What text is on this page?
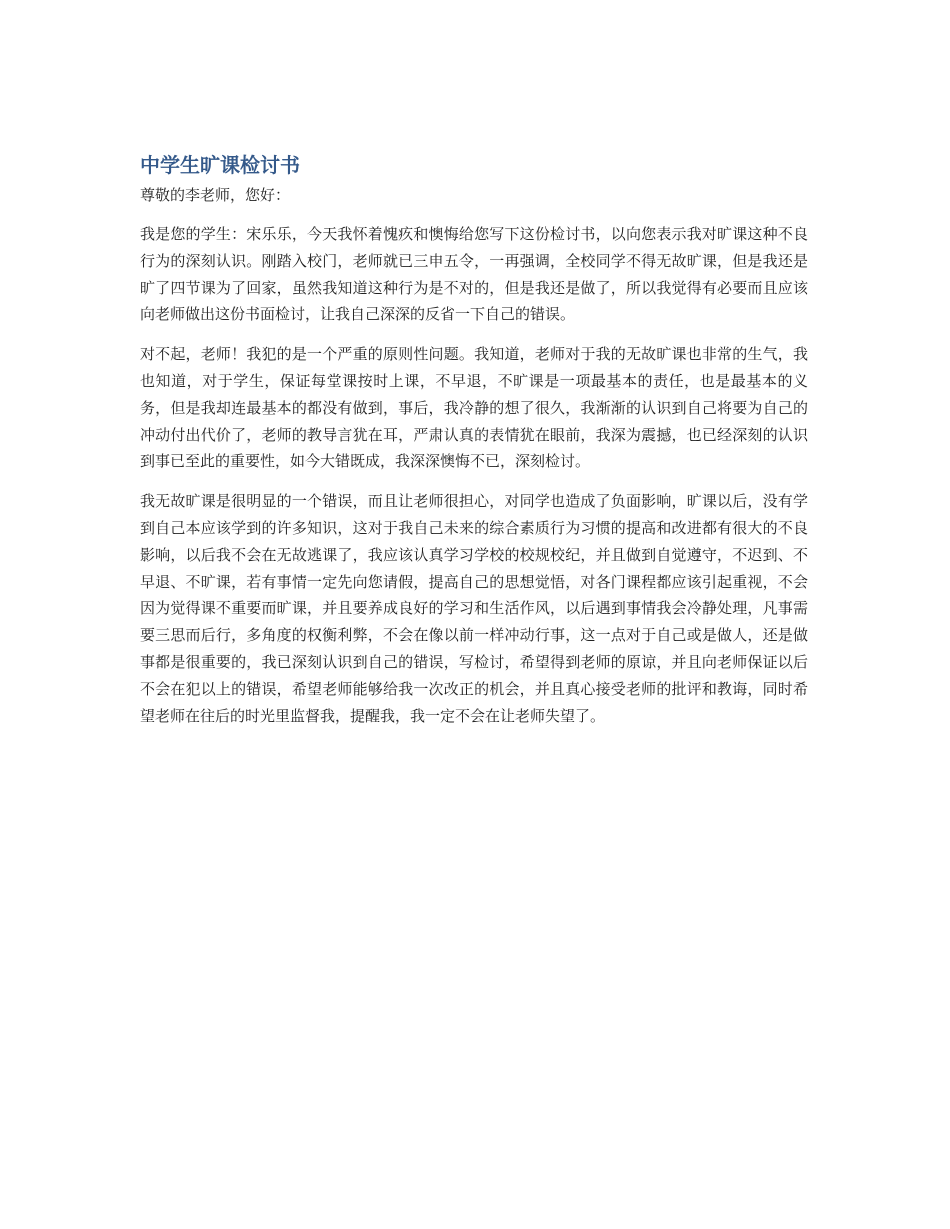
中学生旷课检讨书

尊敬的李老师，您好：

我是您的学生：宋乐乐，今天我怀着愧疚和懊悔给您写下这份检讨书，以向您表示我对旷课这种不良行为的深刻认识。刚踏入校门，老师就已三申五令，一再强调，全校同学不得无故旷课，但是我还是旷了四节课为了回家，虽然我知道这种行为是不对的，但是我还是做了，所以我觉得有必要而且应该向老师做出这份书面检讨，让我自己深深的反省一下自己的错误。

对不起，老师！我犯的是一个严重的原则性问题。我知道，老师对于我的无故旷课也非常的生气，我也知道，对于学生，保证每堂课按时上课，不早退，不旷课是一项最基本的责任，也是最基本的义务，但是我却连最基本的都没有做到，事后，我冷静的想了很久，我渐渐的认识到自己将要为自己的冲动付出代价了，老师的教导言犹在耳，严肃认真的表情犹在眼前，我深为震撼，也已经深刻的认识到事已至此的重要性，如今大错既成，我深深懊悔不已，深刻检讨。

我无故旷课是很明显的一个错误，而且让老师很担心，对同学也造成了负面影响，旷课以后，没有学到自己本应该学到的许多知识，这对于我自己未来的综合素质行为习惯的提高和改进都有很大的不良影响，以后我不会在无故逃课了，我应该认真学习学校的校规校纪，并且做到自觉遵守，不迟到、不早退、不旷课，若有事情一定先向您请假，提高自己的思想觉悟，对各门课程都应该引起重视，不会因为觉得课不重要而旷课，并且要养成良好的学习和生活作风，以后遇到事情我会冷静处理，凡事需要三思而后行，多角度的权衡利弊，不会在像以前一样冲动行事，这一点对于自己或是做人，还是做事都是很重要的，我已深刻认识到自己的错误，写检讨，希望得到老师的原谅，并且向老师保证以后不会在犯以上的错误，希望老师能够给我一次改正的机会，并且真心接受老师的批评和教诲，同时希望老师在往后的时光里监督我，提醒我，我一定不会在让老师失望了。
